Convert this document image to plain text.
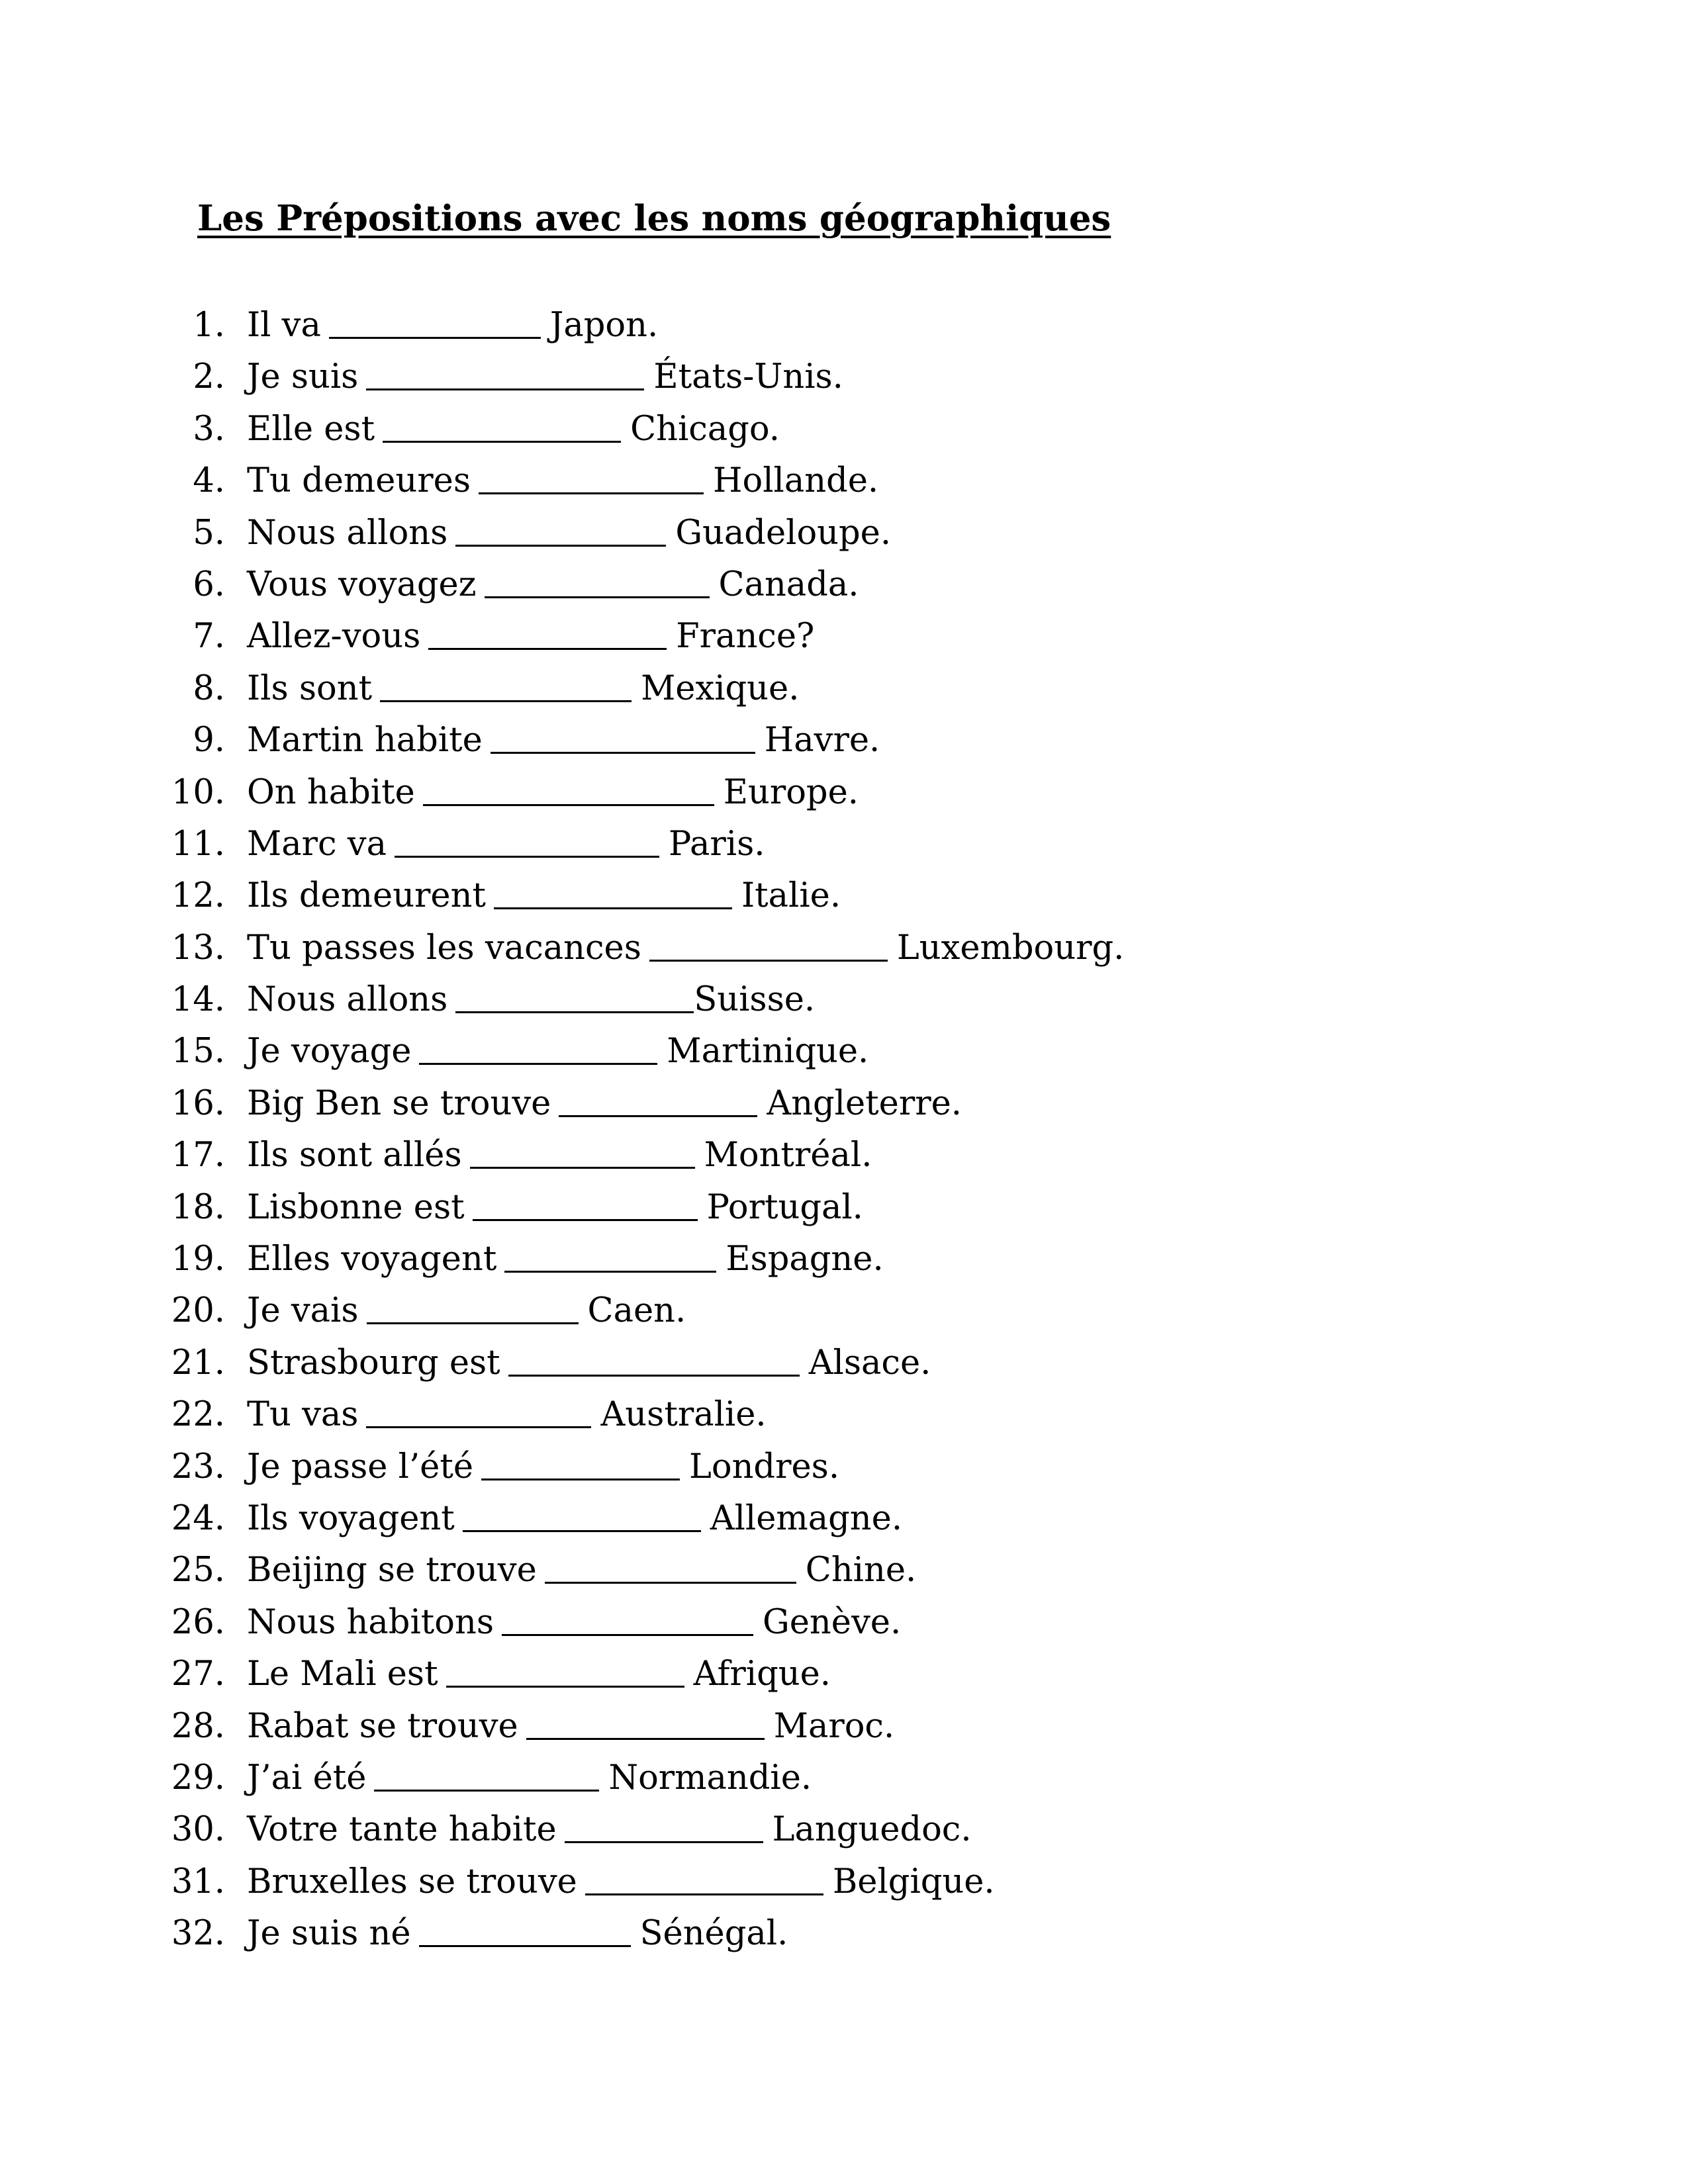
Les Prépositions avec les noms géographiques
1. Il va	Japon.
2. Je suis	États-Unis.
3. Elle est	Chicago.
4. Tu demeures	Hollande.
5. Nous allons	Guadeloupe.
6. Vous voyagez	Canada.
7. Allez-vous	France?
8. Ils sont	Mexique.
9. Martin habite	Havre.
10. On habite	Europe.
11. Marc va	Paris.
12. Ils demeurent	Italie.
13. Tu passes les vacances	Luxembourg.
14. Nous allons	Suisse.
15. Je voyage	Martinique.
16. Big Ben se trouve	Angleterre.
17. Ils sont allés	Montréal.
18. Lisbonne est	Portugal.
19. Elles voyagent	Espagne.
20. Je vais	Caen.
21. Strasbourg est	Alsace.
22. Tu vas	Australie.
23. Je passe l’été	Londres.
24. Ils voyagent	Allemagne.
25. Beijing se trouve	Chine.
26. Nous habitons	Genève.
27. Le Mali est	Afrique.
28. Rabat se trouve	Maroc.
29. J’ai été	Normandie.
30. Votre tante habite	Languedoc.
31. Bruxelles se trouve	Belgique.
32. Je suis né	Sénégal.
